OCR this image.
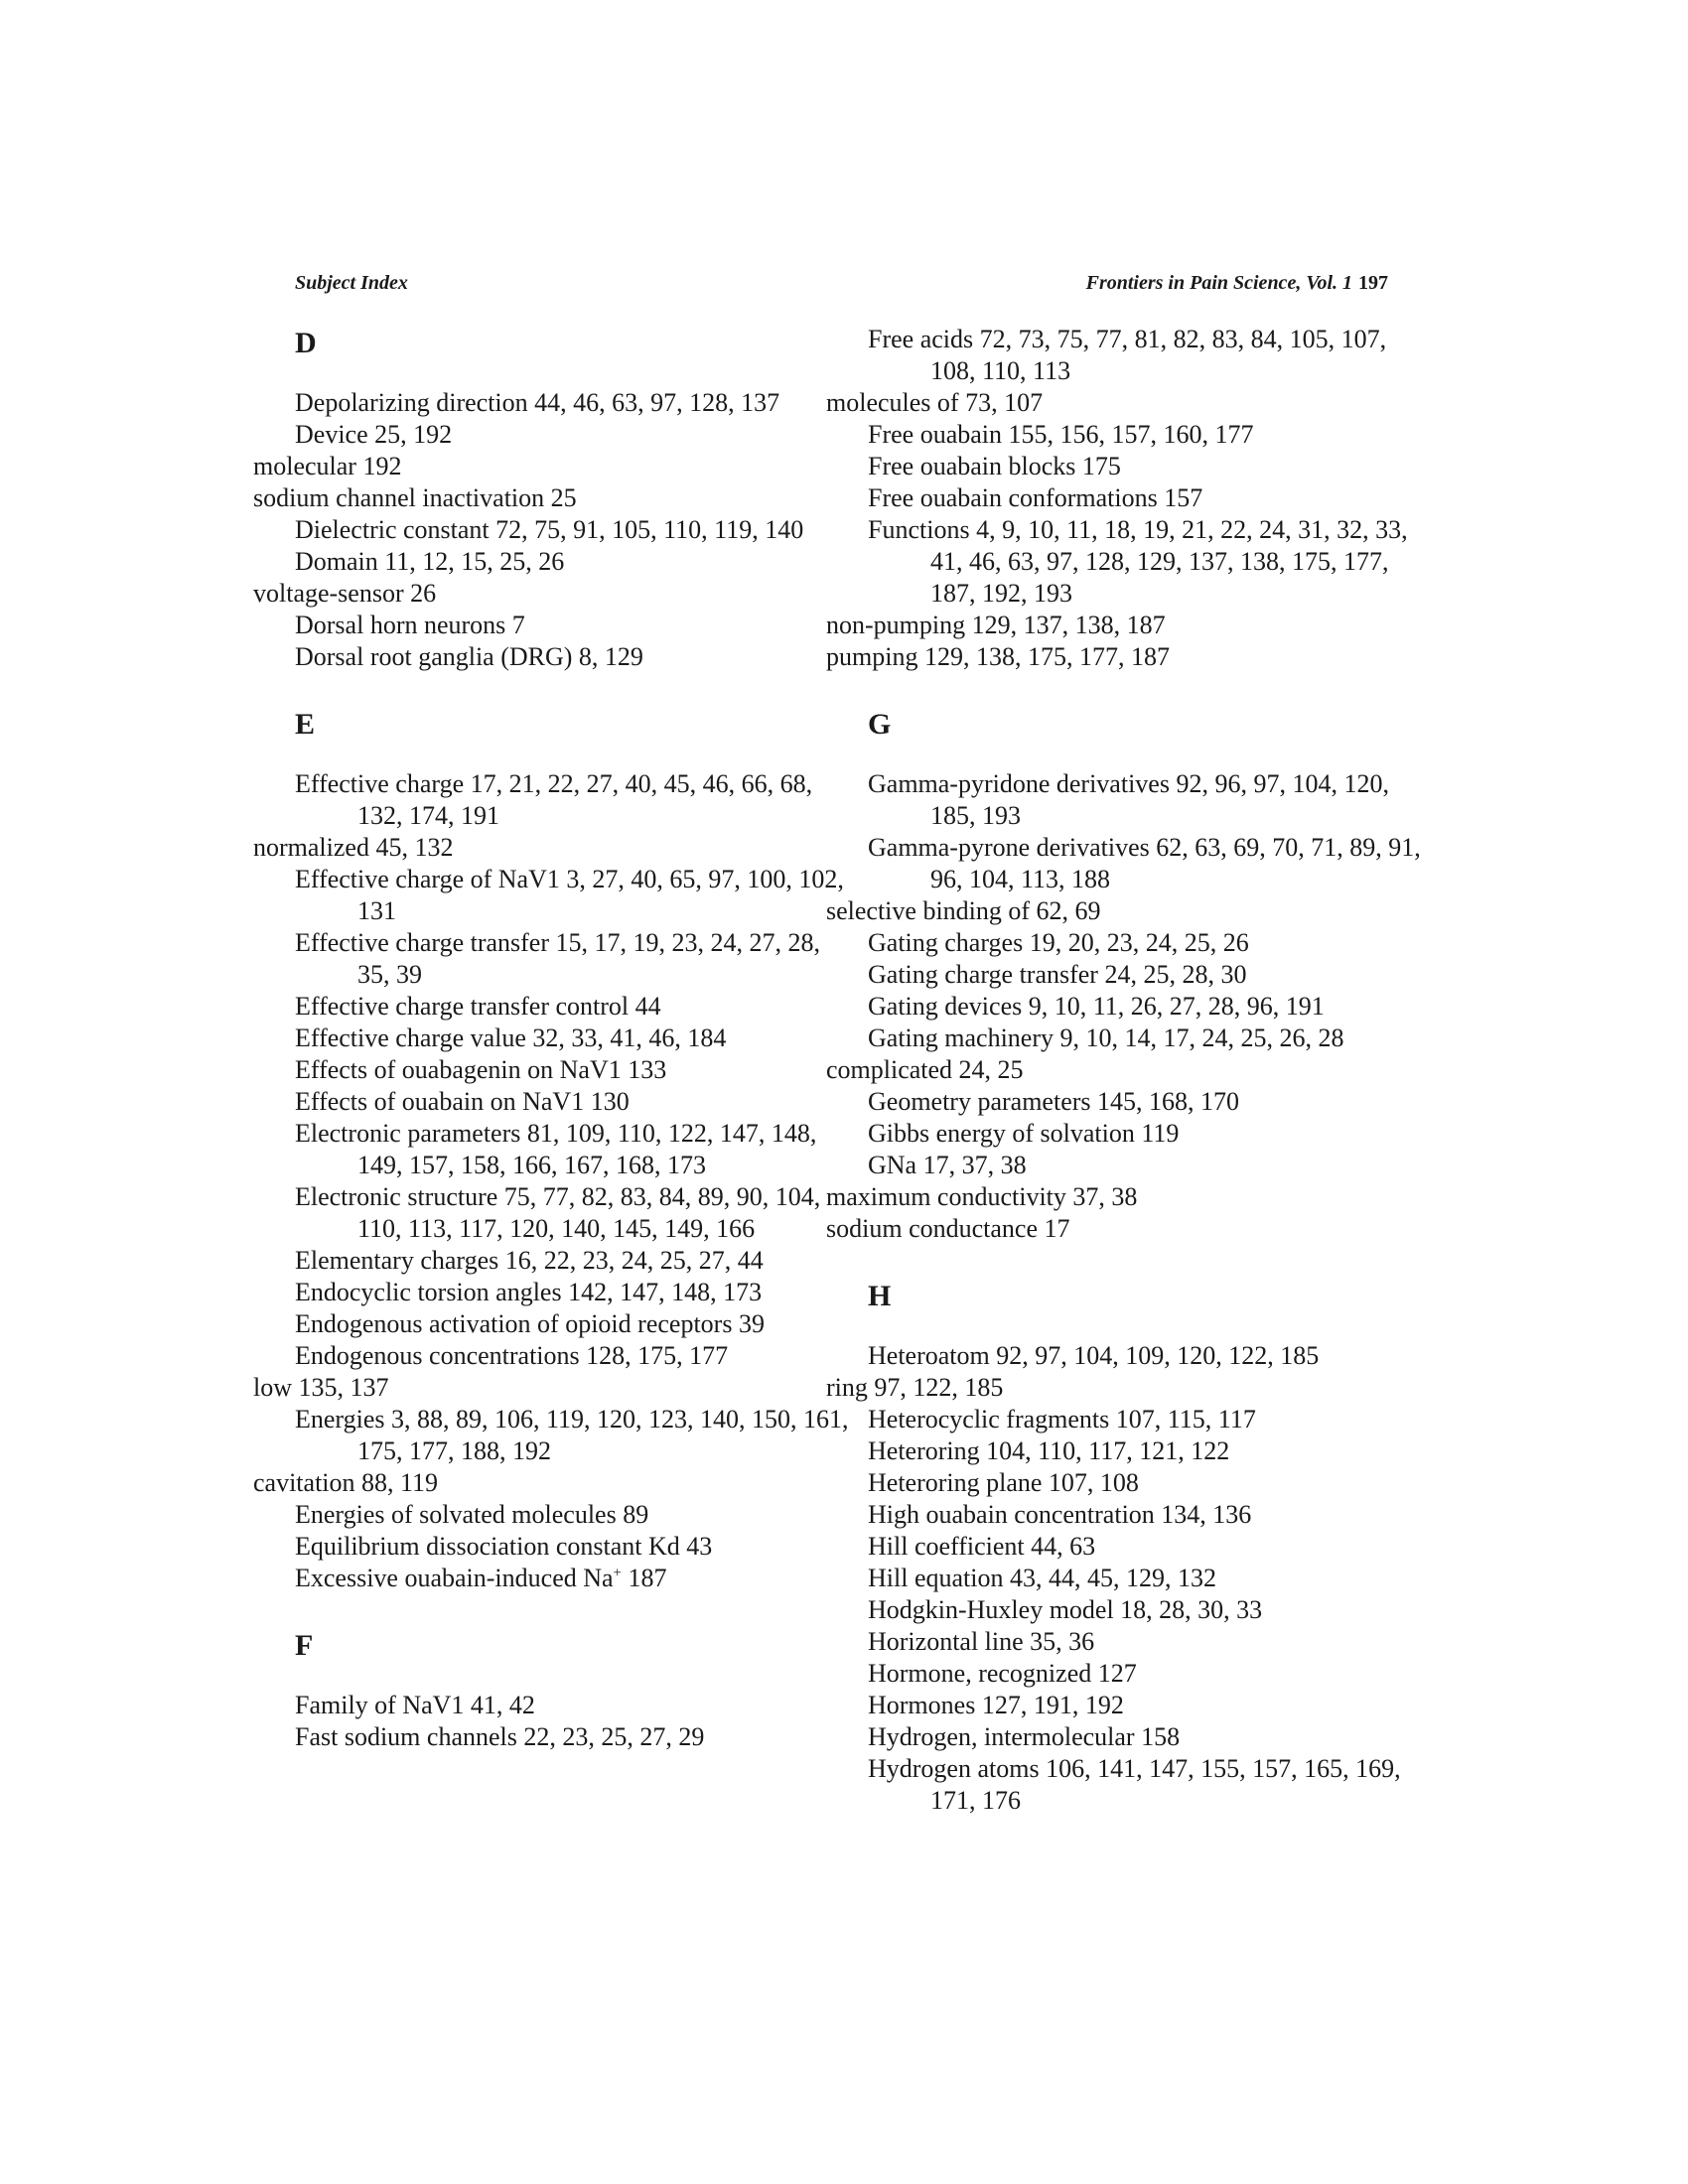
Subject Index	Frontiers in Pain Science, Vol. 1 197
D
Depolarizing direction 44, 46, 63, 97, 128, 137
Device 25, 192
molecular 192
sodium channel inactivation 25
Dielectric constant 72, 75, 91, 105, 110, 119, 140
Domain 11, 12, 15, 25, 26
voltage-sensor 26
Dorsal horn neurons 7
Dorsal root ganglia (DRG) 8, 129
E
Effective charge 17, 21, 22, 27, 40, 45, 46, 66, 68, 132, 174, 191
normalized 45, 132
Effective charge of NaV1 3, 27, 40, 65, 97, 100, 102, 131
Effective charge transfer 15, 17, 19, 23, 24, 27, 28, 35, 39
Effective charge transfer control 44
Effective charge value 32, 33, 41, 46, 184
Effects of ouabagenin on NaV1 133
Effects of ouabain on NaV1 130
Electronic parameters 81, 109, 110, 122, 147, 148, 149, 157, 158, 166, 167, 168, 173
Electronic structure 75, 77, 82, 83, 84, 89, 90, 104, 110, 113, 117, 120, 140, 145, 149, 166
Elementary charges 16, 22, 23, 24, 25, 27, 44
Endocyclic torsion angles 142, 147, 148, 173
Endogenous activation of opioid receptors 39
Endogenous concentrations 128, 175, 177
low 135, 137
Energies 3, 88, 89, 106, 119, 120, 123, 140, 150, 161, 175, 177, 188, 192
cavitation 88, 119
Energies of solvated molecules 89
Equilibrium dissociation constant Kd 43
Excessive ouabain-induced Na+ 187
F
Family of NaV1 41, 42
Fast sodium channels 22, 23, 25, 27, 29
Free acids 72, 73, 75, 77, 81, 82, 83, 84, 105, 107, 108, 110, 113
molecules of 73, 107
Free ouabain 155, 156, 157, 160, 177
Free ouabain blocks 175
Free ouabain conformations 157
Functions 4, 9, 10, 11, 18, 19, 21, 22, 24, 31, 32, 33, 41, 46, 63, 97, 128, 129, 137, 138, 175, 177, 187, 192, 193
non-pumping 129, 137, 138, 187
pumping 129, 138, 175, 177, 187
G
Gamma-pyridone derivatives 92, 96, 97, 104, 120, 185, 193
Gamma-pyrone derivatives 62, 63, 69, 70, 71, 89, 91, 96, 104, 113, 188
selective binding of 62, 69
Gating charges 19, 20, 23, 24, 25, 26
Gating charge transfer 24, 25, 28, 30
Gating devices 9, 10, 11, 26, 27, 28, 96, 191
Gating machinery 9, 10, 14, 17, 24, 25, 26, 28
complicated 24, 25
Geometry parameters 145, 168, 170
Gibbs energy of solvation 119
GNa 17, 37, 38
maximum conductivity 37, 38
sodium conductance 17
H
Heteroatom 92, 97, 104, 109, 120, 122, 185
ring 97, 122, 185
Heterocyclic fragments 107, 115, 117
Heteroring 104, 110, 117, 121, 122
Heteroring plane 107, 108
High ouabain concentration 134, 136
Hill coefficient 44, 63
Hill equation 43, 44, 45, 129, 132
Hodgkin-Huxley model 18, 28, 30, 33
Horizontal line 35, 36
Hormone, recognized 127
Hormones 127, 191, 192
Hydrogen, intermolecular 158
Hydrogen atoms 106, 141, 147, 155, 157, 165, 169, 171, 176
